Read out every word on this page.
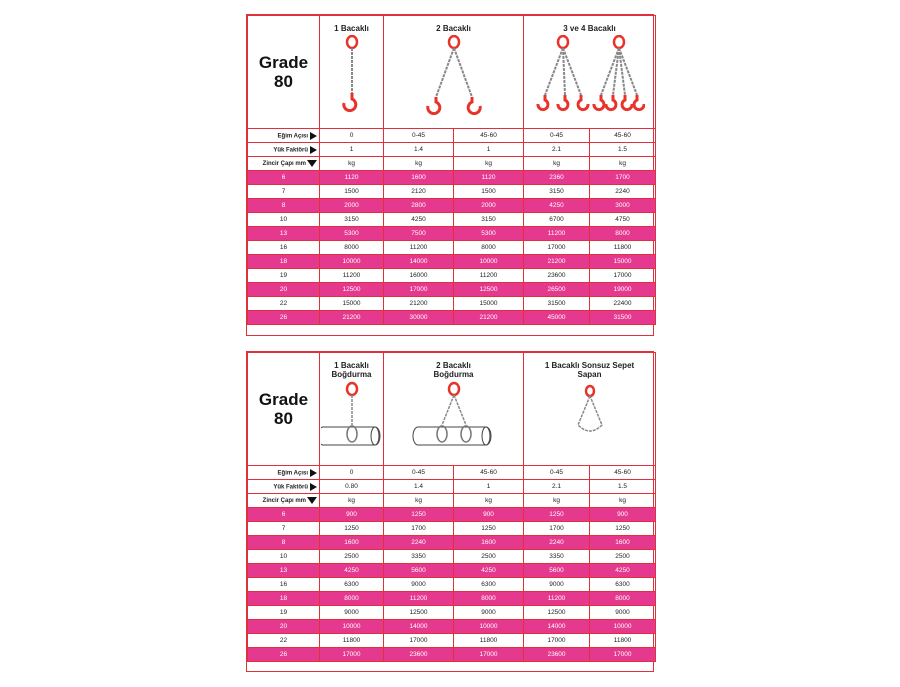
Grade
80	1 Bacaklı	2 Bacaklı		3 ve 4 Bacaklı	

Eğim Açısı	0	0-45	45-60	0-45	45-60
Yük Faktörü	1	1.4	1	2.1	1.5
Zincir Çapı mm	kg	kg	kg	kg	kg
6	1120	1600	1120	2360	1700
7	1500	2120	1500	3150	2240
8	2000	2800	2000	4250	3000
10	3150	4250	3150	6700	4750
13	5300	7500	5300	11200	8000
16	8000	11200	8000	17000	11800
18	10000	14000	10000	21200	15000
19	11200	16000	11200	23600	17000
20	12500	17000	12500	26500	19000
22	15000	21200	15000	31500	22400
26	21200	30000	21200	45000	31500
Grade
80	1 Bacaklı Boğdurma	2 Bacaklı Boğdurma		1 Bacaklı Sonsuz Sepet Sapan	

Eğim Açısı	0	0-45	45-60	0-45	45-60
Yük Faktörü	0.80	1.4	1	2.1	1.5
Zincir Çapı mm	kg	kg	kg	kg	kg
6	900	1250	900	1250	900
7	1250	1700	1250	1700	1250
8	1600	2240	1600	2240	1600
10	2500	3350	2500	3350	2500
13	4250	5600	4250	5600	4250
16	6300	9000	6300	9000	6300
18	8000	11200	8000	11200	8000
19	9000	12500	9000	12500	9000
20	10000	14000	10000	14000	10000
22	11800	17000	11800	17000	11800
26	17000	23600	17000	23600	17000
